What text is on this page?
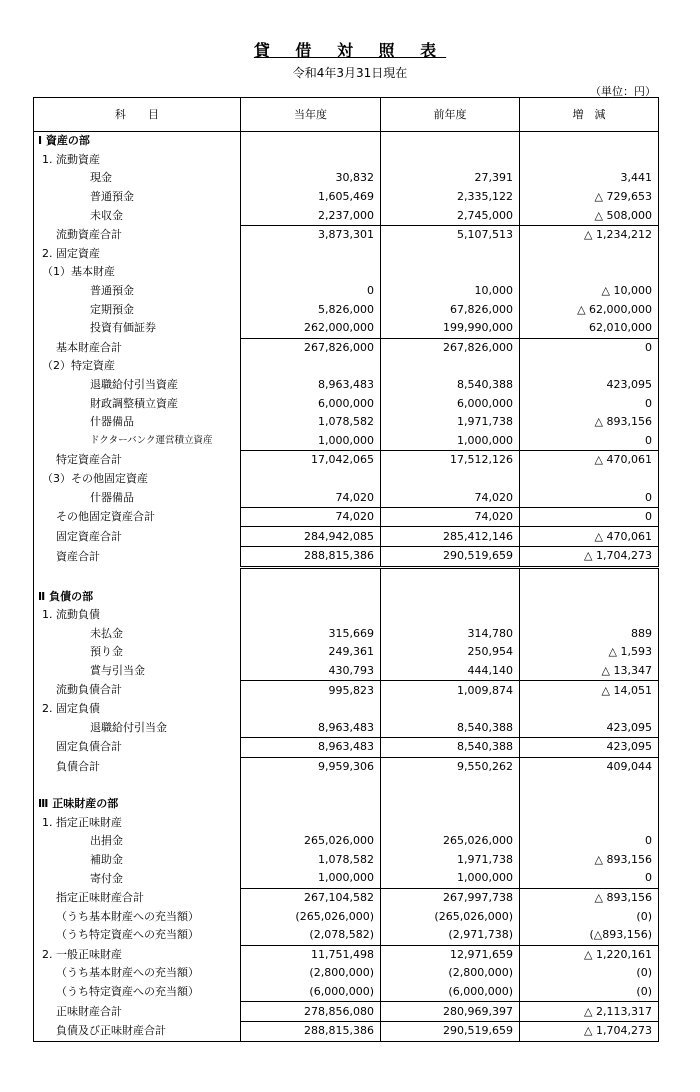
貸 借 対 照 表
令和4年3月31日現在
（単位：円）
科　　目	当年度	前年度	増　減
Ⅰ 資産の部			
1. 流動資産			
現金	30,832	27,391	3,441
普通預金	1,605,469	2,335,122	△ 729,653
未収金	2,237,000	2,745,000	△ 508,000
流動資産合計	3,873,301	5,107,513	△ 1,234,212
2. 固定資産			
（1）基本財産			
普通預金	0	10,000	△ 10,000
定期預金	5,826,000	67,826,000	△ 62,000,000
投資有価証券	262,000,000	199,990,000	62,010,000
基本財産合計	267,826,000	267,826,000	0
（2）特定資産			
退職給付引当資産	8,963,483	8,540,388	423,095
財政調整積立資産	6,000,000	6,000,000	0
什器備品	1,078,582	1,971,738	△ 893,156
ドクターバンク運営積立資産	1,000,000	1,000,000	0
特定資産合計	17,042,065	17,512,126	△ 470,061
（3）その他固定資産			
什器備品	74,020	74,020	0
その他固定資産合計	74,020	74,020	0
固定資産合計	284,942,085	285,412,146	△ 470,061
資産合計	288,815,386	290,519,659	△ 1,704,273

Ⅱ 負債の部			
1. 流動負債			
未払金	315,669	314,780	889
預り金	249,361	250,954	△ 1,593
賞与引当金	430,793	444,140	△ 13,347
流動負債合計	995,823	1,009,874	△ 14,051
2. 固定負債			
退職給付引当金	8,963,483	8,540,388	423,095
固定負債合計	8,963,483	8,540,388	423,095
負債合計	9,959,306	9,550,262	409,044

Ⅲ 正味財産の部			
1. 指定正味財産			
出捐金	265,026,000	265,026,000	0
補助金	1,078,582	1,971,738	△ 893,156
寄付金	1,000,000	1,000,000	0
指定正味財産合計	267,104,582	267,997,738	△ 893,156
（うち基本財産への充当額）	(265,026,000)	(265,026,000)	(0)
（うち特定資産への充当額）	(2,078,582)	(2,971,738)	(△893,156)
2. 一般正味財産	11,751,498	12,971,659	△ 1,220,161
（うち基本財産への充当額）	(2,800,000)	(2,800,000)	(0)
（うち特定資産への充当額）	(6,000,000)	(6,000,000)	(0)
正味財産合計	278,856,080	280,969,397	△ 2,113,317
負債及び正味財産合計	288,815,386	290,519,659	△ 1,704,273
